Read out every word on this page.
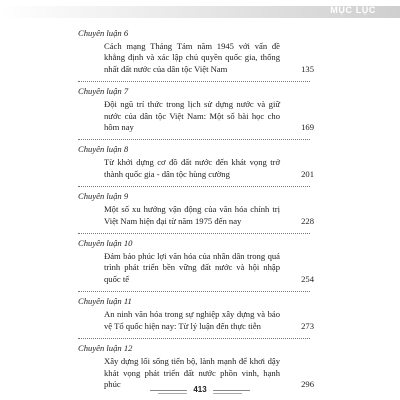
MỤC LỤC
Chuyên luận 6
Cách mạng Tháng Tám năm 1945 với vấn đề khẳng định và xác lập chủ quyền quốc gia, thống nhất đất nước của dân tộc Việt Nam	135
Chuyên luận 7
Đội ngũ trí thức trong lịch sử dựng nước và giữ nước của dân tộc Việt Nam: Một số bài học cho hôm nay	169
Chuyên luận 8
Từ khởi dựng cơ đồ đất nước đến khát vọng trở thành quốc gia - dân tộc hùng cường	201
Chuyên luận 9
Một số xu hướng vận động của văn hóa chính trị Việt Nam hiện đại từ năm 1975 đến nay	228
Chuyên luận 10
Đảm bảo phúc lợi văn hóa của nhân dân trong quá trình phát triển bền vững đất nước và hội nhập quốc tế	254
Chuyên luận 11
An ninh văn hóa trong sự nghiệp xây dựng và bảo vệ Tổ quốc hiện nay: Từ lý luận đến thực tiễn	273
Chuyên luận 12
Xây dựng lối sống tiến bộ, lành mạnh để khơi dậy khát vọng phát triển đất nước phồn vinh, hạnh phúc	296
413
